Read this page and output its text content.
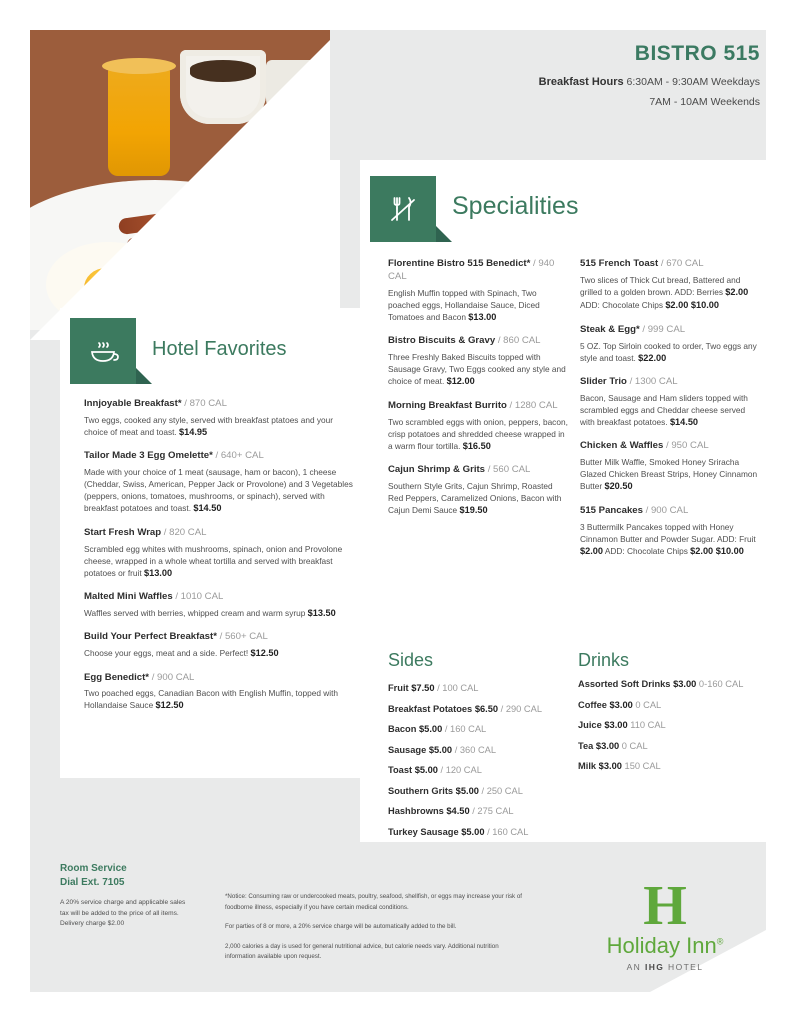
BISTRO 515
Breakfast Hours 6:30AM - 9:30AM Weekdays
7AM - 10AM Weekends
Specialities
Florentine Bistro 515 Benedict* / 940 CAL
English Muffin topped with Spinach, Two poached eggs, Hollandaise Sauce, Diced Tomatoes and Bacon $13.00
Bistro Biscuits & Gravy / 860 CAL
Three Freshly Baked Biscuits topped with Sausage Gravy, Two Eggs cooked any style and choice of meat. $12.00
Morning Breakfast Burrito / 1280 CAL
Two scrambled eggs with onion, peppers, bacon, crisp potatoes and shredded cheese wrapped in a warm flour tortilla. $16.50
Cajun Shrimp & Grits / 560 CAL
Southern Style Grits, Cajun Shrimp, Roasted Red Peppers, Caramelized Onions, Bacon with Cajun Demi Sauce $19.50
515 French Toast / 670 CAL
Two slices of Thick Cut bread, Battered and grilled to a golden brown. ADD: Berries $2.00 ADD: Chocolate Chips $2.00 $10.00
Steak & Egg* / 999 CAL
5 OZ. Top Sirloin cooked to order, Two eggs any style and toast. $22.00
Slider Trio / 1300 CAL
Bacon, Sausage and Ham sliders topped with scrambled eggs and Cheddar cheese served with breakfast potatoes. $14.50
Chicken & Waffles / 950 CAL
Butter Milk Waffle, Smoked Honey Sriracha Glazed Chicken Breast Strips, Honey Cinnamon Butter $20.50
515 Pancakes / 900 CAL
3 Buttermilk Pancakes topped with Honey Cinnamon Butter and Powder Sugar. ADD: Fruit $2.00 ADD: Chocolate Chips $2.00 $10.00
Hotel Favorites
Innjoyable Breakfast* / 870 CAL
Two eggs, cooked any style, served with breakfast ptatoes and your choice of meat and toast. $14.95
Tailor Made 3 Egg Omelette* / 640+ CAL
Made with your choice of 1 meat (sausage, ham or bacon), 1 cheese (Cheddar, Swiss, American, Pepper Jack or Provolone) and 3 Vegetables (peppers, onions, tomatoes, mushrooms, or spinach), served with breakfast potatoes and toast. $14.50
Start Fresh Wrap / 820 CAL
Scrambled egg whites with mushrooms, spinach, onion and Provolone cheese, wrapped in a whole wheat tortilla and served with breakfast potatoes or fruit $13.00
Malted Mini Waffles / 1010 CAL
Waffles served with berries, whipped cream and warm syrup $13.50
Build Your Perfect Breakfast* / 560+ CAL
Choose your eggs, meat and a side. Perfect! $12.50
Egg Benedict* / 900 CAL
Two poached eggs, Canadian Bacon with English Muffin, topped with Hollandaise Sauce $12.50
Sides	Drinks
Fruit $7.50 / 100 CAL
Breakfast Potatoes $6.50 / 290 CAL
Bacon $5.00 / 160 CAL
Sausage $5.00 / 360 CAL
Toast $5.00 / 120 CAL
Southern Grits $5.00 / 250 CAL
Hashbrowns $4.50 / 275 CAL
Turkey Sausage $5.00 / 160 CAL
Assorted Soft Drinks $3.00 0-160 CAL
Coffee $3.00 0 CAL
Juice $3.00 110 CAL
Tea $3.00 0 CAL
Milk $3.00 150 CAL
Room Service
Dial Ext. 7105
A 20% service charge and applicable sales tax will be added to the price of all items. Delivery charge $2.00

*Notice: Consuming raw or undercooked meats, poultry, seafood, shellfish, or eggs may increase your risk of foodborne illness, especially if you have certain medical conditions.

For parties of 8 or more, a 20% service charge will be automatically added to the bill.

2,000 calories a day is used for general nutritional advice, but calorie needs vary. Additional nutrition information available upon request.

H
Holiday Inn®
AN IHG HOTEL
